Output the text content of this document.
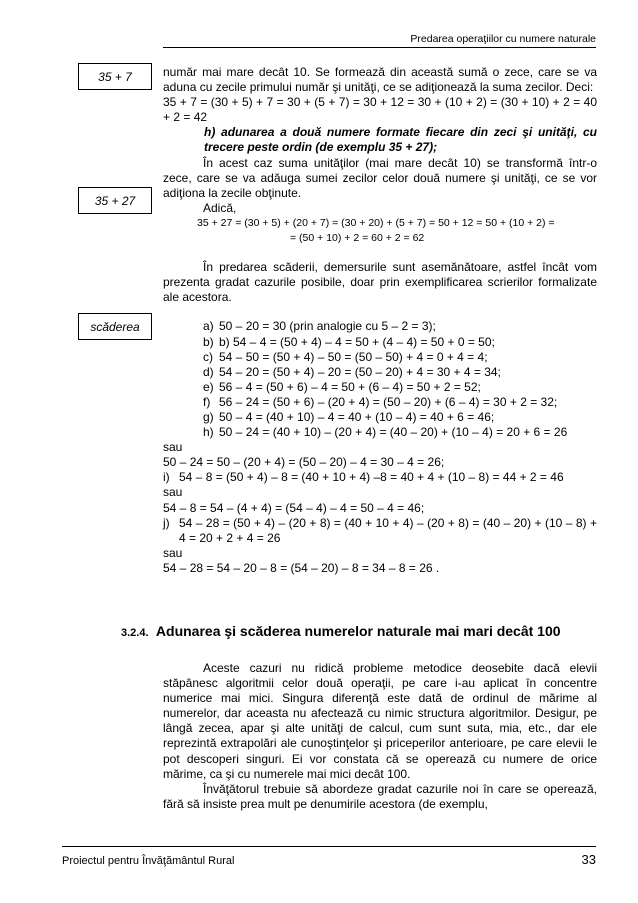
Predarea operaţiilor cu numere naturale
35 + 7
35 + 27
scăderea

număr mai mare decât 10. Se formează din această sumă o zece, care se va aduna cu zecile primului număr şi unităţi, ce se adiţionează la suma zecilor. Deci:

35 + 7 = (30 + 5) + 7 = 30 + (5 + 7) = 30 + 12 = 30 + (10 + 2) = (30 + 10) + 2 = 40 + 2 = 42

h) adunarea a două numere formate fiecare din zeci şi unităţi, cu trecere peste ordin (de exemplu 35 + 27);

În acest caz suma unităţilor (mai mare decât 10) se transformă într-o zece, care se va adăuga sumei zecilor celor două numere şi unităţi, ce se vor adiţiona la zecile obţinute.

Adică,

35 + 27 = (30 + 5) + (20 + 7) = (30 + 20) + (5 + 7) = 50 + 12 = 50 + (10 + 2) =

= (50 + 10) + 2 = 60 + 2 = 62

În predarea scăderii, demersurile sunt asemănătoare, astfel încât vom prezenta gradat cazurile posibile, doar prin exemplificarea scrierilor formalizate ale acestora.

a) 50 – 20 = 30 (prin analogie cu 5 – 2 = 3);
b) b) 54 – 4 = (50 + 4) – 4 = 50 + (4 – 4) = 50 + 0 = 50;
c) 54 – 50 = (50 + 4) – 50 = (50 – 50) + 4 = 0 + 4 = 4;
d) 54 – 20 = (50 + 4) – 20 = (50 – 20) + 4 = 30 + 4 = 34;
e) 56 – 4 = (50 + 6) – 4 = 50 + (6 – 4) = 50 + 2 = 52;
f) 56 – 24 = (50 + 6) – (20 + 4) = (50 – 20) + (6 – 4) = 30 + 2 = 32;
g) 50 – 4 = (40 + 10) – 4 = 40 + (10 – 4) = 40 + 6 = 46;
h) 50 – 24 = (40 + 10) – (20 + 4) = (40 – 20) + (10 – 4) = 20 + 6 = 26

sau

50 – 24 = 50 – (20 + 4) = (50 – 20) – 4 = 30 – 4 = 26;

i) 54 – 8 = (50 + 4) – 8 = (40 + 10 + 4) –8 = 40 + 4 + (10 – 8) = 44 + 2 = 46

sau

54 – 8 = 54 – (4 + 4) = (54 – 4) – 4 = 50 – 4 = 46;

j) 54 – 28 = (50 + 4) – (20 + 8) = (40 + 10 + 4) – (20 + 8) = (40 – 20) + (10 – 8) + 4 = 20 + 2 + 4 = 26

sau

54 – 28 = 54 – 20 – 8 = (54 – 20) – 8 = 34 – 8 = 26 .

3.2.4. Adunarea şi scăderea numerelor naturale mai mari decât 100

Aceste cazuri nu ridică probleme metodice deosebite dacă elevii stăpânesc algoritmii celor două operaţii, pe care i-au aplicat în concentre numerice mai mici. Singura diferenţă este dată de ordinul de mărime al numerelor, dar aceasta nu afectează cu nimic structura algoritmilor. Desigur, pe lângă zecea, apar şi alte unităţi de calcul, cum sunt suta, mia, etc., dar ele reprezintă extrapolări ale cunoştinţelor şi priceperilor anterioare, pe care elevii le pot descoperi singuri. Ei vor constata că se operează cu numere de orice mărime, ca şi cu numerele mai mici decât 100.

Învăţătorul trebuie să abordeze gradat cazurile noi în care se operează, fără să insiste prea mult pe denumirile acestora (de exemplu,

Proiectul pentru Învăţământul Rural	33
